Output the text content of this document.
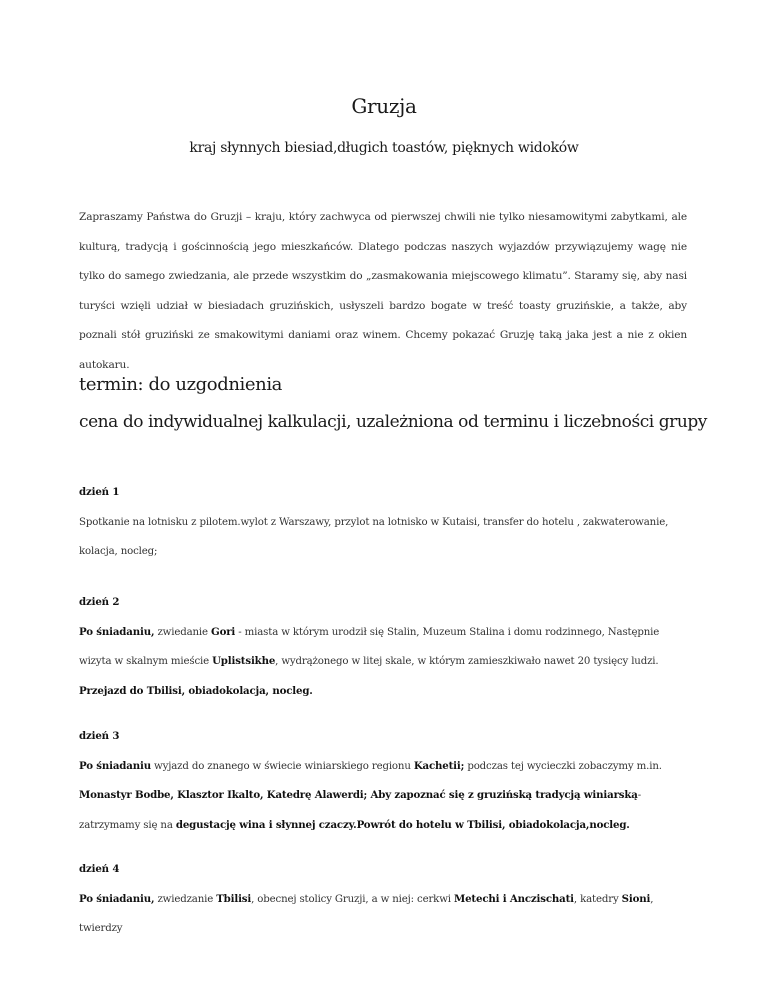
Gruzja
kraj słynnych biesiad,długich toastów, pięknych widoków

Zapraszamy Państwa do Gruzji – kraju, który zachwyca od pierwszej chwili nie tylko niesamowitymi zabytkami, ale kulturą, tradycją i gościnnością jego mieszkańców. Dlatego podczas naszych wyjazdów przywiązujemy wagę nie tylko do samego zwiedzania, ale przede wszystkim do „zasmakowania miejscowego klimatu”. Staramy się, aby nasi turyści wzięli udział w biesiadach gruzińskich, usłyszeli bardzo bogate w treść toasty gruzińskie, a także, aby poznali stół gruziński ze smakowitymi daniami oraz winem. Chcemy pokazać Gruzję taką jaka jest a nie z okien autokaru.

termin: do uzgodnienia
cena do indywidualnej kalkulacji, uzależniona od terminu i liczebności grupy
dzień 1
Spotkanie na lotnisku z pilotem.wylot z Warszawy, przylot na lotnisko w Kutaisi, transfer do hotelu , zakwaterowanie, kolacja, nocleg;
dzień 2
Po śniadaniu, zwiedanie Gori - miasta w którym urodził się Stalin, Muzeum Stalina i domu rodzinnego, Następnie wizyta w skalnym mieście Uplistsikhe, wydrążonego w litej skale, w którym zamieszkiwało nawet 20 tysięcy ludzi. Przejazd do Tbilisi, obiadokolacja, nocleg.
dzień 3
Po śniadaniu wyjazd do znanego w świecie winiarskiego regionu Kachetii; podczas tej wycieczki zobaczymy m.in. Monastyr Bodbe, Klasztor Ikalto, Katedrę Alawerdi; Aby zapoznać się z gruzińską tradycją winiarską-zatrzymamy się na degustację wina i słynnej czaczy.Powrót do hotelu w Tbilisi, obiadokolacja,nocleg.
dzień 4
Po śniadaniu, zwiedzanie Tbilisi, obecnej stolicy Gruzji, a w niej: cerkwi Metechi i Anczischati, katedry Sioni, twierdzy
